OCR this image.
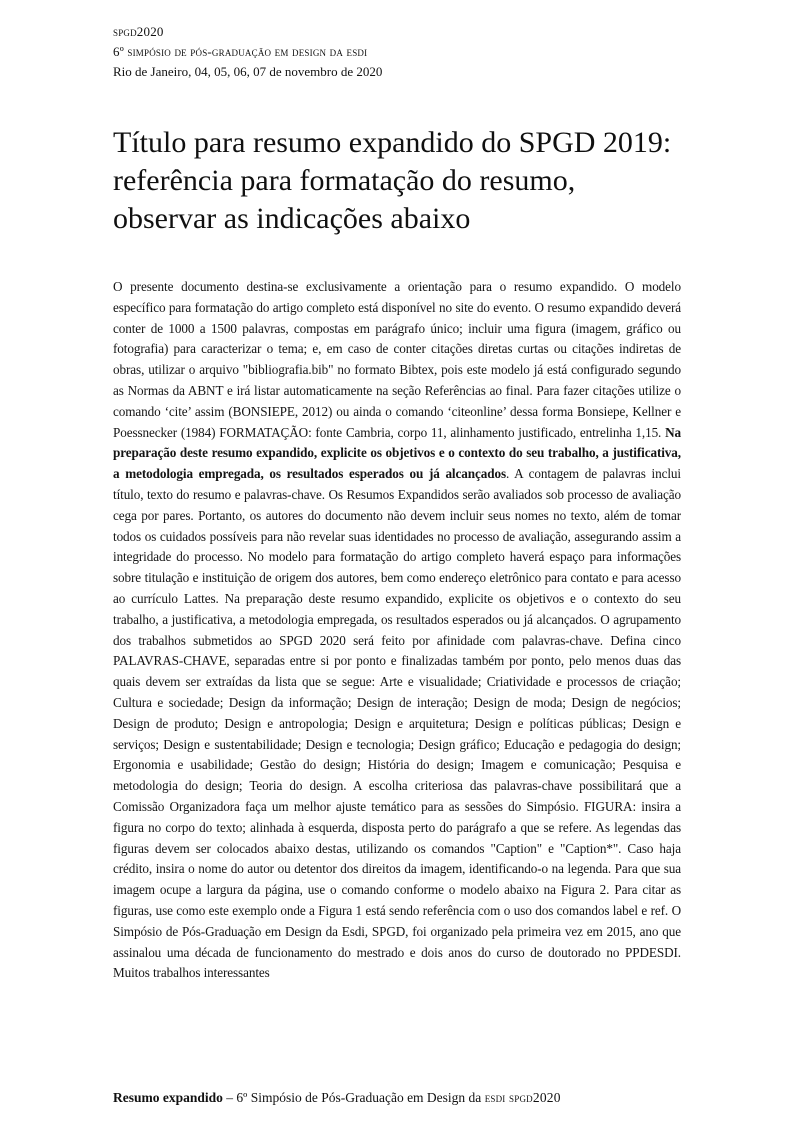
spgd2020
6º simpósio de pós-graduação em design da esdi
Rio de Janeiro, 04, 05, 06, 07 de novembro de 2020
Título para resumo expandido do SPGD 2019: referência para formatação do resumo, observar as indicações abaixo

O presente documento destina-se exclusivamente a orientação para o resumo expandido. O modelo específico para formatação do artigo completo está disponível no site do evento. O resumo expandido deverá conter de 1000 a 1500 palavras, compostas em parágrafo único; incluir uma figura (imagem, gráfico ou fotografia) para caracterizar o tema; e, em caso de conter citações diretas curtas ou citações indiretas de obras, utilizar o arquivo "bibliografia.bib" no formato Bibtex, pois este modelo já está configurado segundo as Normas da ABNT e irá listar automaticamente na seção Referências ao final. Para fazer citações utilize o comando ‘cite’ assim (BONSIEPE, 2012) ou ainda o comando ‘citeonline’ dessa forma Bonsiepe, Kellner e Poessnecker (1984) FORMATAÇÃO: fonte Cambria, corpo 11, alinhamento justificado, entrelinha 1,15. Na preparação deste resumo expandido, explicite os objetivos e o contexto do seu trabalho, a justificativa, a metodologia empregada, os resultados esperados ou já alcançados. A contagem de palavras inclui título, texto do resumo e palavras-chave. Os Resumos Expandidos serão avaliados sob processo de avaliação cega por pares. Portanto, os autores do documento não devem incluir seus nomes no texto, além de tomar todos os cuidados possíveis para não revelar suas identidades no processo de avaliação, assegurando assim a integridade do processo. No modelo para formatação do artigo completo haverá espaço para informações sobre titulação e instituição de origem dos autores, bem como endereço eletrônico para contato e para acesso ao currículo Lattes. Na preparação deste resumo expandido, explicite os objetivos e o contexto do seu trabalho, a justificativa, a metodologia empregada, os resultados esperados ou já alcançados. O agrupamento dos trabalhos submetidos ao SPGD 2020 será feito por afinidade com palavras-chave. Defina cinco PALAVRAS-CHAVE, separadas entre si por ponto e finalizadas também por ponto, pelo menos duas das quais devem ser extraídas da lista que se segue: Arte e visualidade; Criatividade e processos de criação; Cultura e sociedade; Design da informação; Design de interação; Design de moda; Design de negócios; Design de produto; Design e antropologia; Design e arquitetura; Design e políticas públicas; Design e serviços; Design e sustentabilidade; Design e tecnologia; Design gráfico; Educação e pedagogia do design; Ergonomia e usabilidade; Gestão do design; História do design; Imagem e comunicação; Pesquisa e metodologia do design; Teoria do design. A escolha criteriosa das palavras-chave possibilitará que a Comissão Organizadora faça um melhor ajuste temático para as sessões do Simpósio. FIGURA: insira a figura no corpo do texto; alinhada à esquerda, disposta perto do parágrafo a que se refere. As legendas das figuras devem ser colocados abaixo destas, utilizando os comandos "Caption" e "Caption*". Caso haja crédito, insira o nome do autor ou detentor dos direitos da imagem, identificando-o na legenda. Para que sua imagem ocupe a largura da página, use o comando conforme o modelo abaixo na Figura 2. Para citar as figuras, use como este exemplo onde a Figura 1 está sendo referência com o uso dos comandos label e ref. O Simpósio de Pós-Graduação em Design da Esdi, SPGD, foi organizado pela primeira vez em 2015, ano que assinalou uma década de funcionamento do mestrado e dois anos do curso de doutorado no PPDESDI. Muitos trabalhos interessantes

Resumo expandido – 6º Simpósio de Pós-Graduação em Design da esdi spgd2020
